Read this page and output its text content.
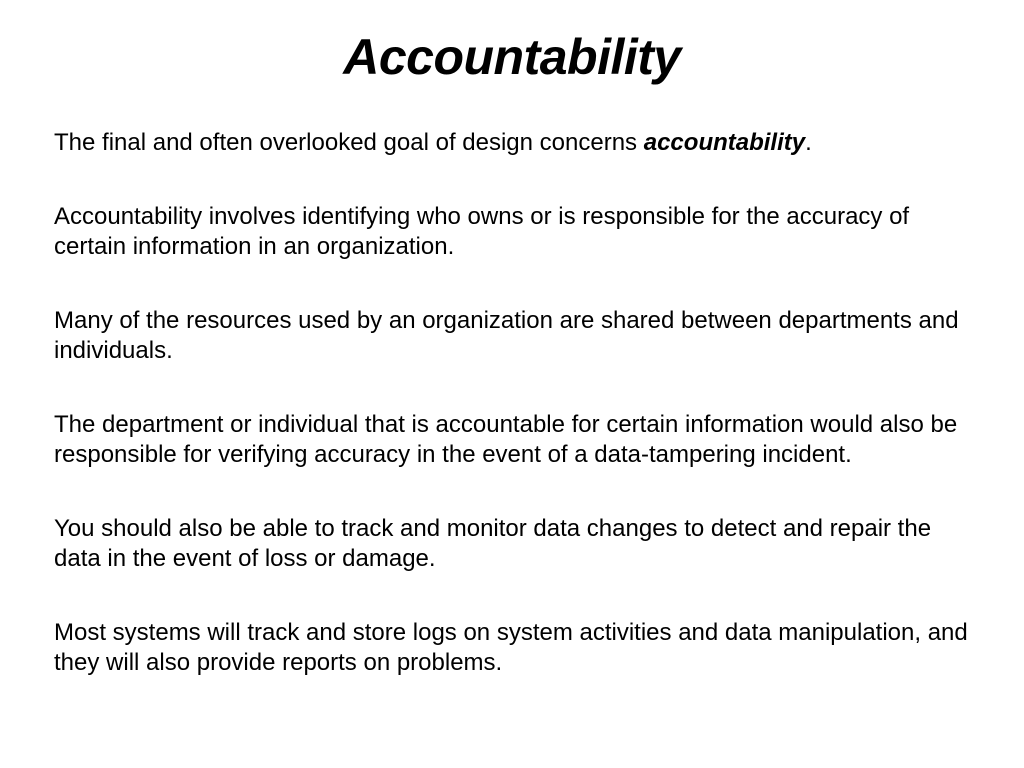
Accountability

The final and often overlooked goal of design concerns accountability.

Accountability involves identifying who owns or is responsible for the accuracy of certain information in an organization.

Many of the resources used by an organization are shared between departments and individuals.

The department or individual that is accountable for certain information would also be responsible for verifying accuracy in the event of a data-tampering incident.

You should also be able to track and monitor data changes to detect and repair the data in the event of loss or damage.

Most systems will track and store logs on system activities and data manipulation, and they will also provide reports on problems.
